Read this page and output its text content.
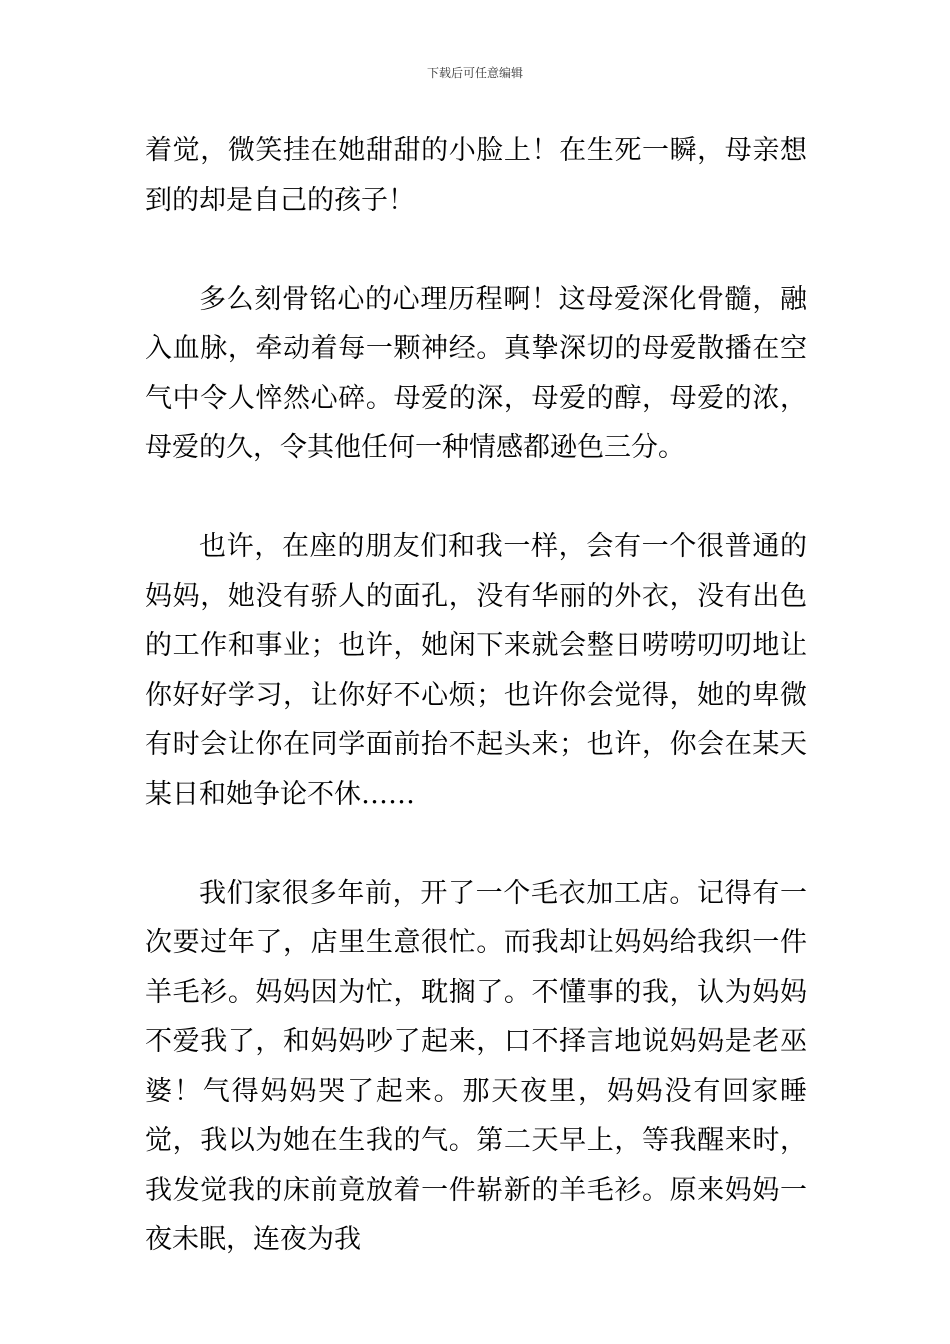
下载后可任意编辑

着觉，微笑挂在她甜甜的小脸上！在生死一瞬，母亲想到的却是自己的孩子！

多么刻骨铭心的心理历程啊！这母爱深化骨髓，融入血脉，牵动着每一颗神经。真挚深切的母爱散播在空气中令人悴然心碎。母爱的深，母爱的醇，母爱的浓，母爱的久，令其他任何一种情感都逊色三分。

也许，在座的朋友们和我一样，会有一个很普通的妈妈，她没有骄人的面孔，没有华丽的外衣，没有出色的工作和事业；也许，她闲下来就会整日唠唠叨叨地让你好好学习，让你好不心烦；也许你会觉得，她的卑微有时会让你在同学面前抬不起头来；也许，你会在某天某日和她争论不休……

我们家很多年前，开了一个毛衣加工店。记得有一次要过年了，店里生意很忙。而我却让妈妈给我织一件羊毛衫。妈妈因为忙，耽搁了。不懂事的我，认为妈妈不爱我了，和妈妈吵了起来，口不择言地说妈妈是老巫婆！气得妈妈哭了起来。那天夜里，妈妈没有回家睡觉，我以为她在生我的气。第二天早上，等我醒来时，我发觉我的床前竟放着一件崭新的羊毛衫。原来妈妈一夜未眠，连夜为我
